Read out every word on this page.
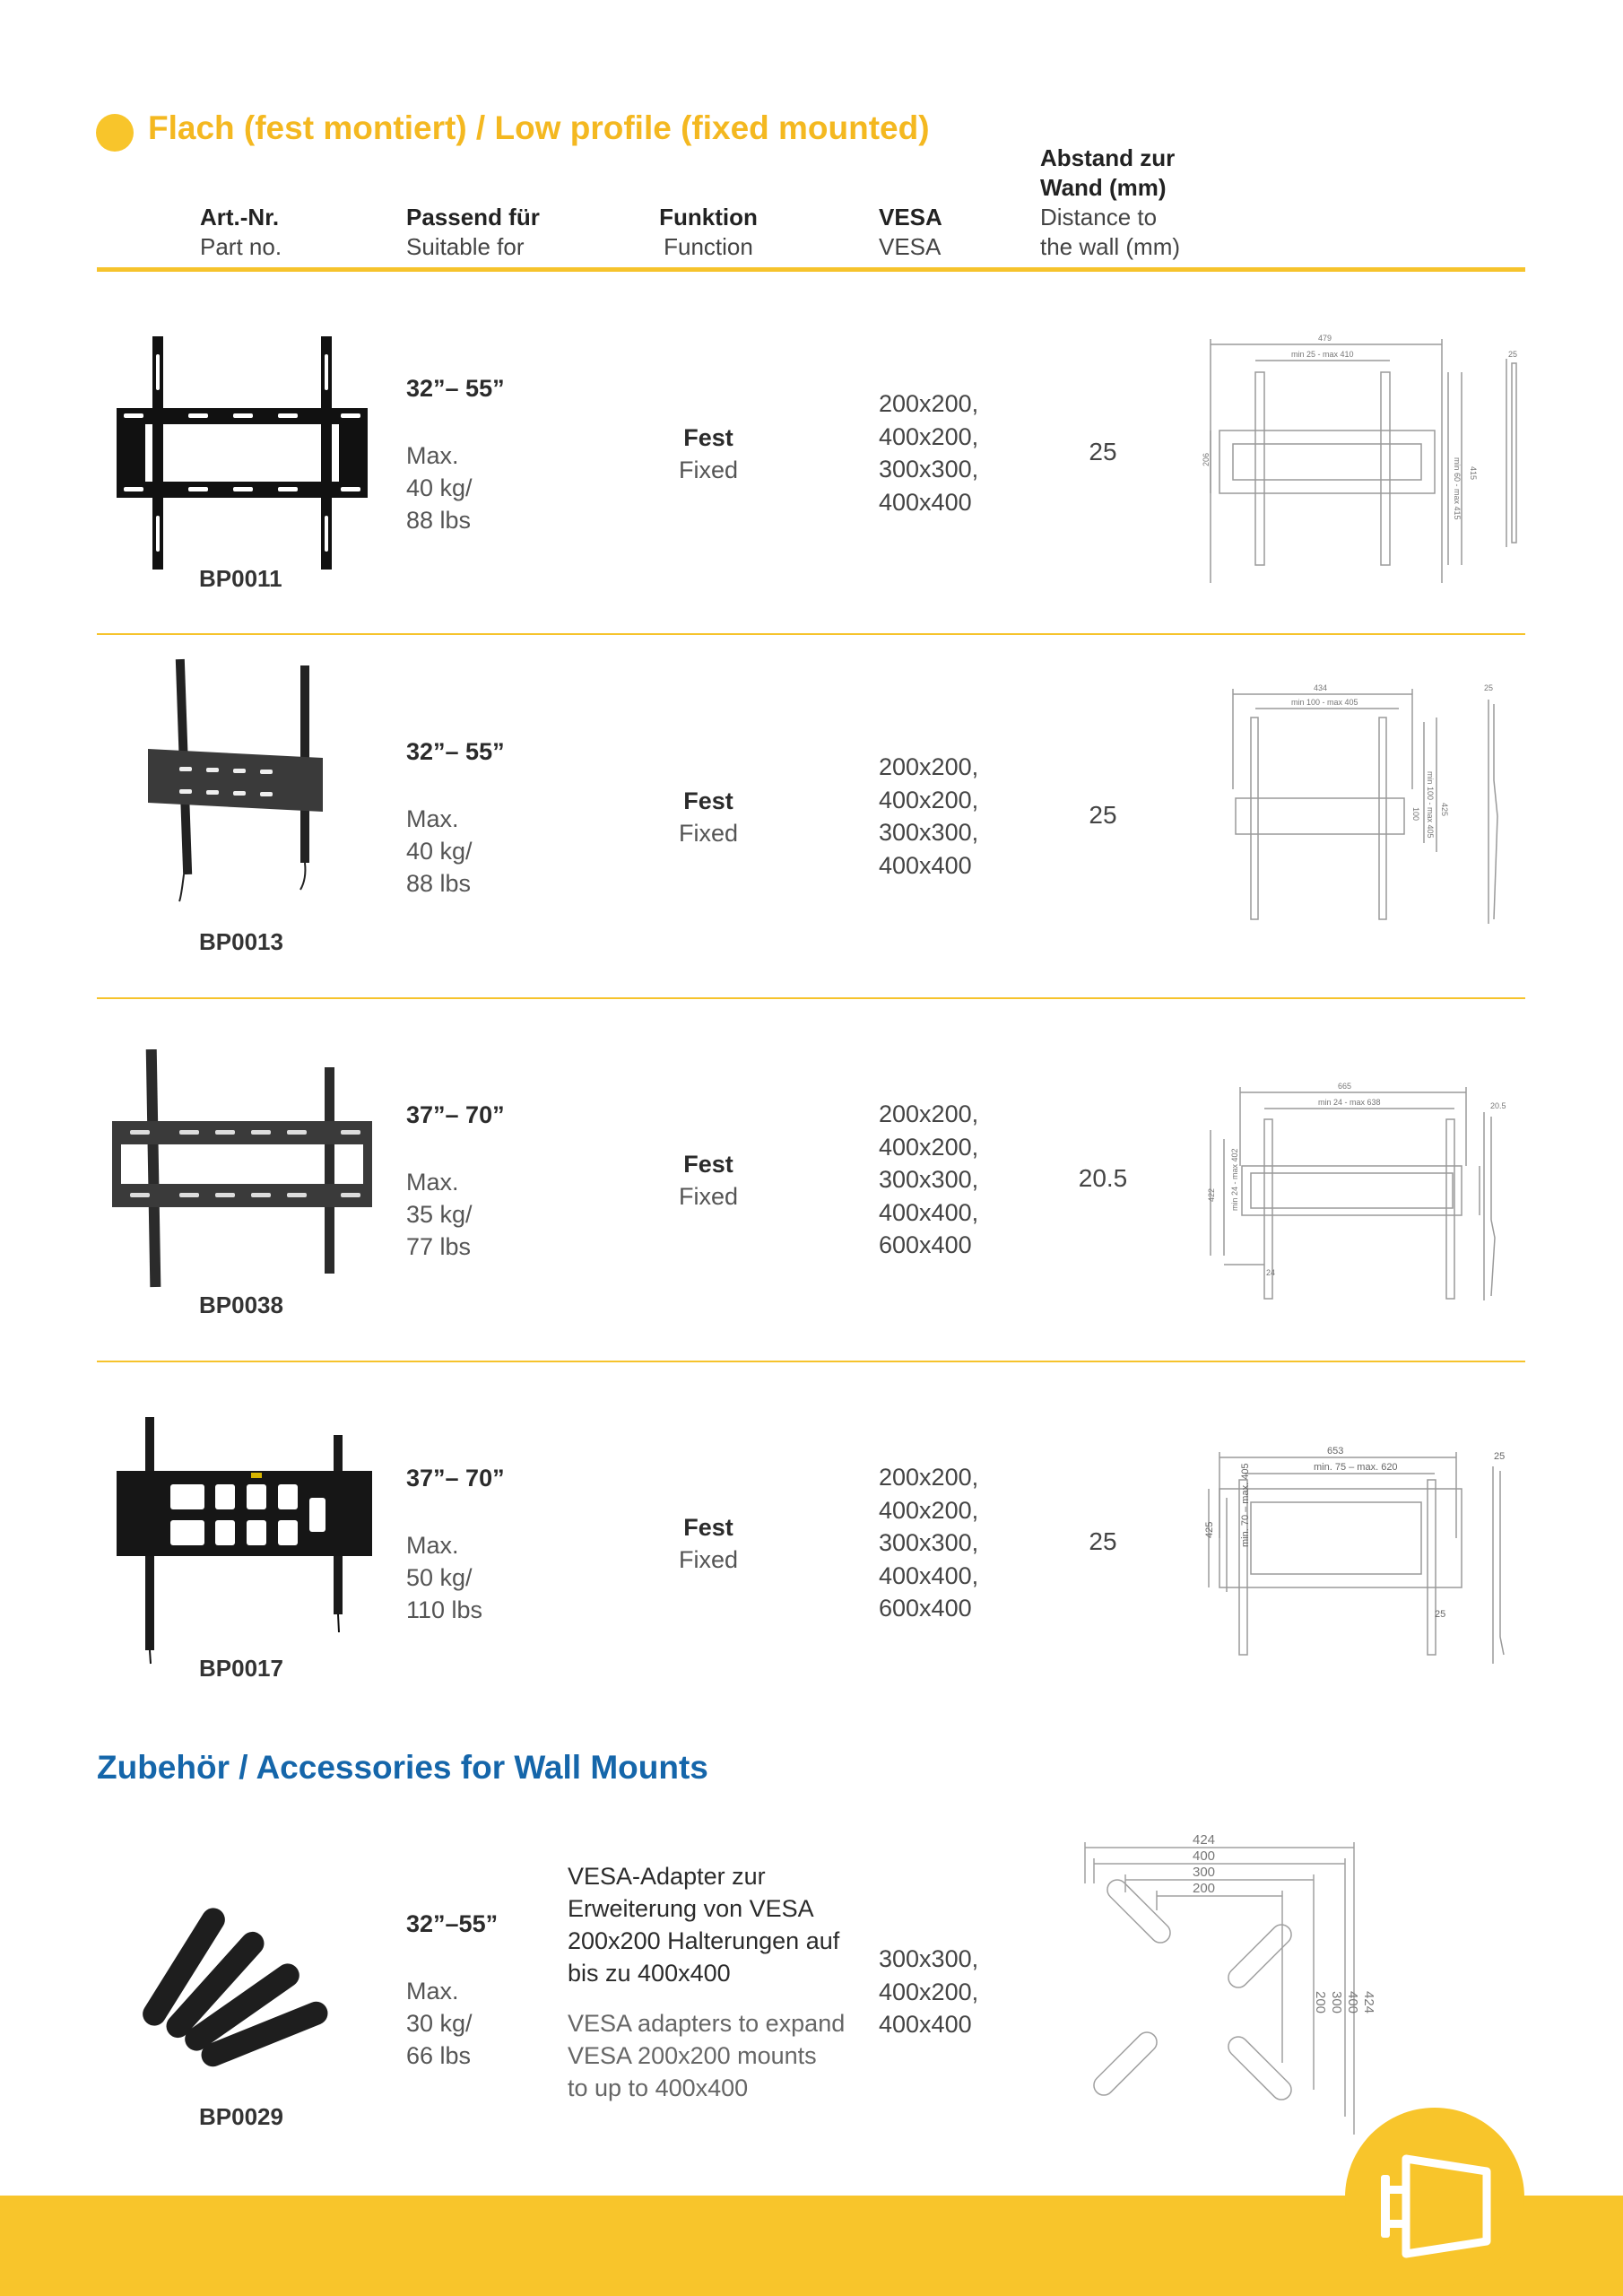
Flach (fest montiert) / Low profile (fixed mounted)
Art.-Nr.
Part no.
Passend für
Suitable for
Funktion
Function
VESA
VESA
Abstand zur
Wand (mm)
Distance to
the wall (mm)
BP0011
32”– 55”
Max.
40 kg/
88 lbs
Fest
Fixed
200x200,
400x200,
300x300,
400x400
25
479
min 25 - max 410
206	min 60 - max 415 415
25
BP0013
32”– 55”
Max.
40 kg/
88 lbs
Fest
Fixed
200x200,
400x200,
300x300,
400x400
25
434
min 100 - max 405
min 100 - max 405 425
100
25
BP0038
37”– 70”
Max.
35 kg/
77 lbs
Fest
Fixed
200x200,
400x200,
300x300,
400x400,
600x400
20.5
665
min 24 - max 638
422 min 24 - max 402
24
20.5
BP0017
37”– 70”
Max.
50 kg/
110 lbs
Fest
Fixed
200x200,
400x200,
300x300,
400x400,
600x400
25
653
min. 75 – max. 620
425	min. 70 – max. 405
25
25
Zubehör / Accessories for Wall Mounts
BP0029
32”–55”
Max.
30 kg/
66 lbs
VESA-Adapter zur
Erweiterung von VESA
200x200 Halterungen auf
bis zu 400x400
VESA adapters to expand
VESA 200x200 mounts
to up to 400x400
300x300,
400x200,
400x400
424
400
300
200
200 300 400 424
